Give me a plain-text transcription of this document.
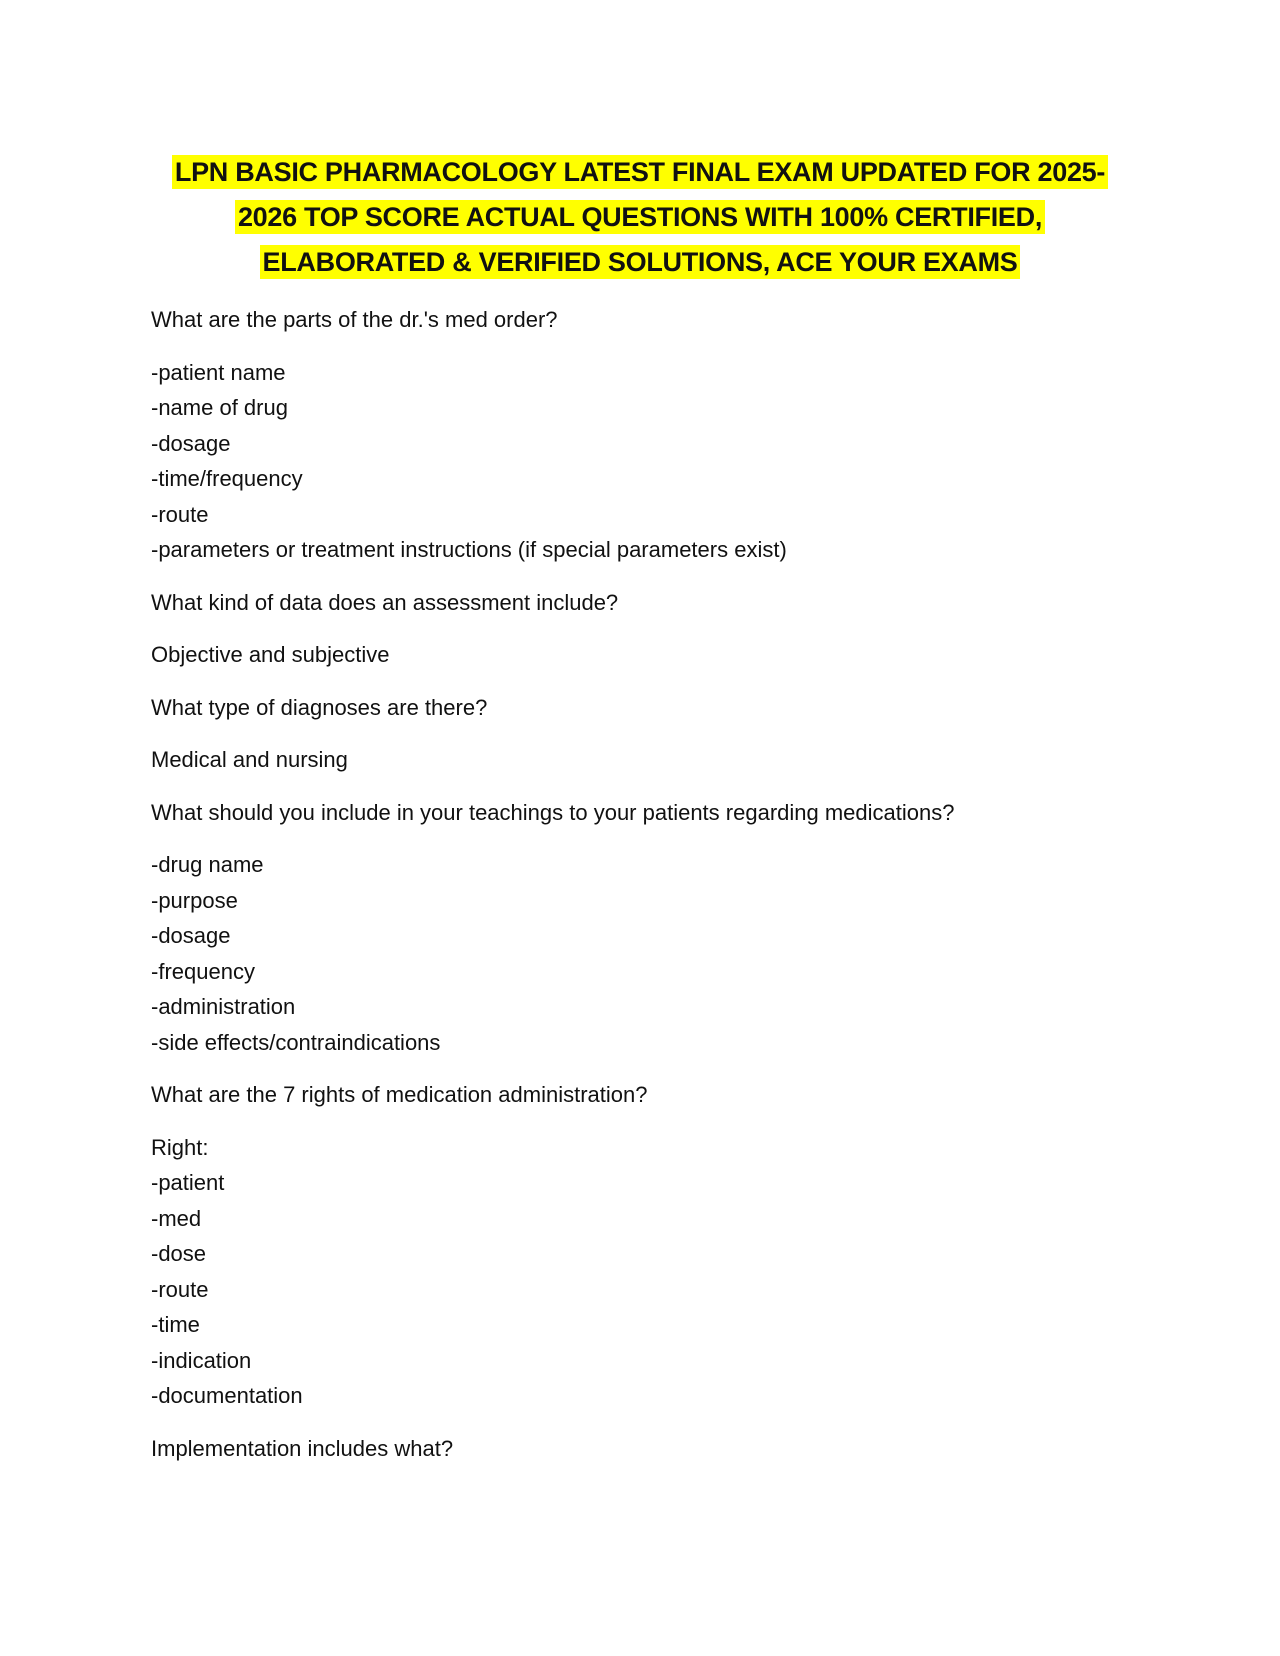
LPN BASIC PHARMACOLOGY LATEST FINAL EXAM UPDATED FOR 2025-2026 TOP SCORE ACTUAL QUESTIONS WITH 100% CERTIFIED, ELABORATED & VERIFIED SOLUTIONS, ACE YOUR EXAMS
What are the parts of the dr.'s med order?
-patient name
-name of drug
-dosage
-time/frequency
-route
-parameters or treatment instructions (if special parameters exist)
What kind of data does an assessment include?
Objective and subjective
What type of diagnoses are there?
Medical and nursing
What should you include in your teachings to your patients regarding medications?
-drug name
-purpose
-dosage
-frequency
-administration
-side effects/contraindications
What are the 7 rights of medication administration?
Right:
-patient
-med
-dose
-route
-time
-indication
-documentation
Implementation includes what?
